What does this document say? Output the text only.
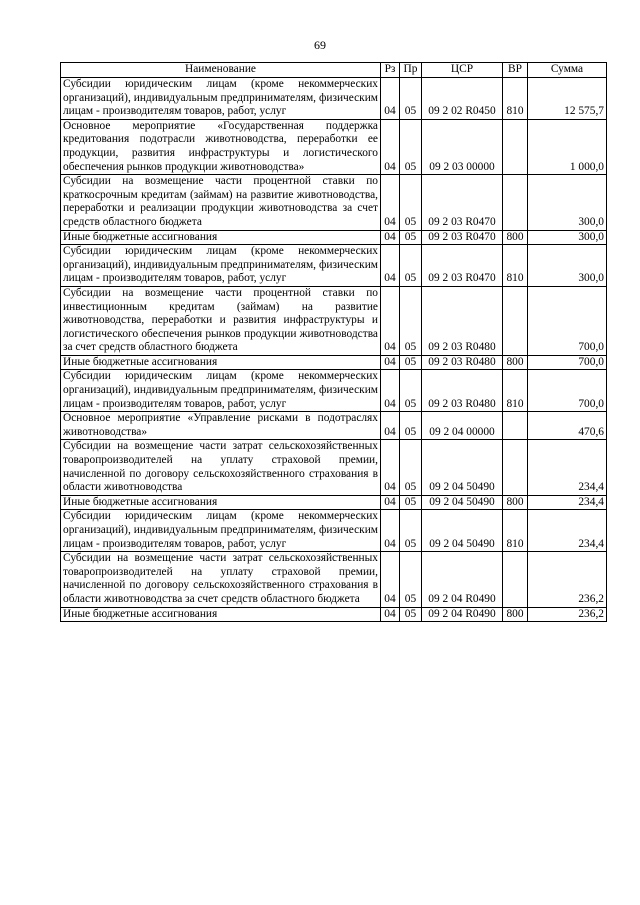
69
Наименование	Рз	Пр	ЦСР	ВР	Сумма
Субсидии юридическим лицам (кроме некоммерческих организаций), индивидуальным предпринимателям, физическим лицам - производителям товаров, работ, услуг	04	05	09 2 02 R0450	810	12 575,7
Основное мероприятие «Государственная поддержка кредитования подотрасли животноводства, переработки ее продукции, развития инфраструктуры и логистического обеспечения рынков продукции животноводства»	04	05	09 2 03 00000		1 000,0
Субсидии на возмещение части процентной ставки по краткосрочным кредитам (займам) на развитие животноводства, переработки и реализации продукции животноводства за счет средств областного бюджета	04	05	09 2 03 R0470		300,0
Иные бюджетные ассигнования	04	05	09 2 03 R0470	800	300,0
Субсидии юридическим лицам (кроме некоммерческих организаций), индивидуальным предпринимателям, физическим лицам - производителям товаров, работ, услуг	04	05	09 2 03 R0470	810	300,0
Субсидии на возмещение части процентной ставки по инвестиционным кредитам (займам) на развитие животноводства, переработки и развития инфраструктуры и логистического обеспечения рынков продукции животноводства за счет средств областного бюджета	04	05	09 2 03 R0480		700,0
Иные бюджетные ассигнования	04	05	09 2 03 R0480	800	700,0
Субсидии юридическим лицам (кроме некоммерческих организаций), индивидуальным предпринимателям, физическим лицам - производителям товаров, работ, услуг	04	05	09 2 03 R0480	810	700,0
Основное мероприятие «Управление рисками в подотраслях животноводства»	04	05	09 2 04 00000		470,6
Субсидии на возмещение части затрат сельскохозяйственных товаропроизводителей на уплату страховой премии, начисленной по договору сельскохозяйственного страхования в области животноводства	04	05	09 2 04 50490		234,4
Иные бюджетные ассигнования	04	05	09 2 04 50490	800	234,4
Субсидии юридическим лицам (кроме некоммерческих организаций), индивидуальным предпринимателям, физическим лицам - производителям товаров, работ, услуг	04	05	09 2 04 50490	810	234,4
Субсидии на возмещение части затрат сельскохозяйственных товаропроизводителей на уплату страховой премии, начисленной по договору сельскохозяйственного страхования в области животноводства за счет средств областного бюджета	04	05	09 2 04 R0490		236,2
Иные бюджетные ассигнования	04	05	09 2 04 R0490	800	236,2
